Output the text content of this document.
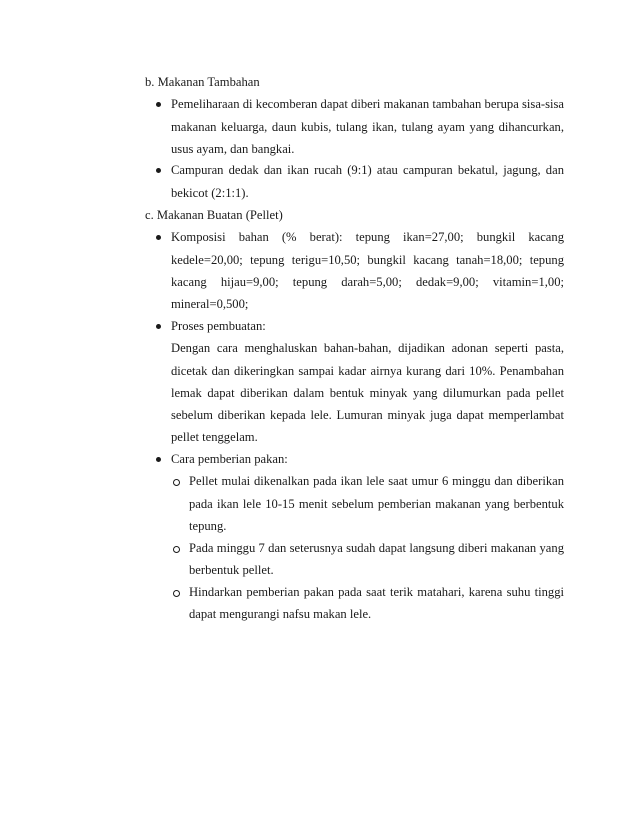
b. Makanan Tambahan
Pemeliharaan di kecomberan dapat diberi makanan tambahan berupa sisa-sisa
makanan keluarga, daun kubis, tulang ikan, tulang ayam yang dihancurkan,
usus ayam, dan bangkai.
Campuran dedak dan ikan rucah (9:1) atau campuran bekatul, jagung, dan
bekicot (2:1:1).
c. Makanan Buatan (Pellet)
Komposisi bahan (% berat): tepung ikan=27,00; bungkil kacang
kedele=20,00; tepung terigu=10,50; bungkil kacang tanah=18,00; tepung
kacang hijau=9,00; tepung darah=5,00; dedak=9,00; vitamin=1,00;
mineral=0,500;
Proses pembuatan:
Dengan cara menghaluskan bahan-bahan, dijadikan adonan seperti pasta,
dicetak dan dikeringkan sampai kadar airnya kurang dari 10%. Penambahan
lemak dapat diberikan dalam bentuk minyak yang dilumurkan pada pellet
sebelum diberikan kepada lele. Lumuran minyak juga dapat memperlambat
pellet tenggelam.
Cara pemberian pakan:
Pellet mulai dikenalkan pada ikan lele saat umur 6 minggu dan diberikan
pada ikan lele 10-15 menit sebelum pemberian makanan yang berbentuk
tepung.
Pada minggu 7 dan seterusnya sudah dapat langsung diberi makanan yang
berbentuk pellet.
Hindarkan pemberian pakan pada saat terik matahari, karena suhu tinggi
dapat mengurangi nafsu makan lele.
